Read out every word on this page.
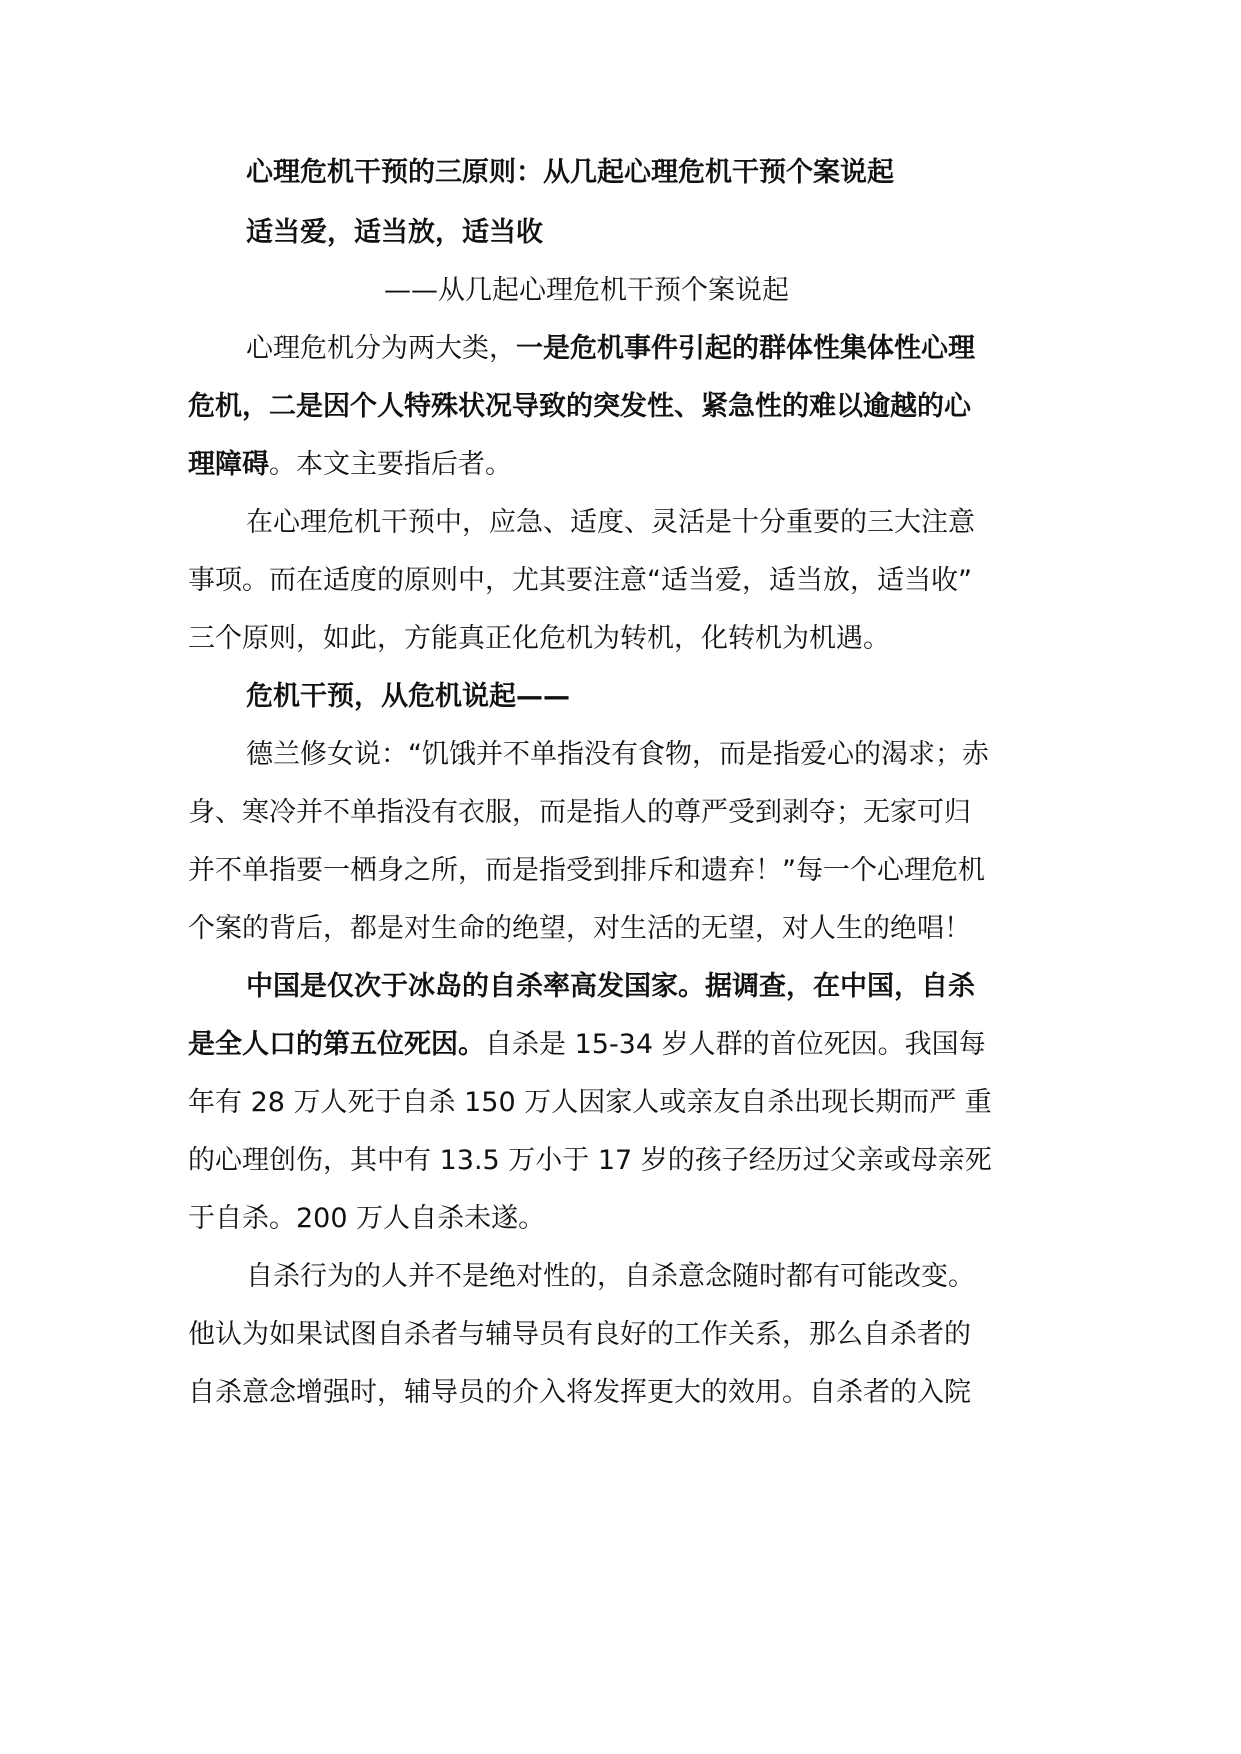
心理危机干预的三原则：从几起心理危机干预个案说起
适当爱，适当放，适当收
——从几起心理危机干预个案说起
心理危机分为两大类，一是危机事件引起的群体性集体性心理
危机，二是因个人特殊状况导致的突发性、紧急性的难以逾越的心
理障碍。本文主要指后者。
在心理危机干预中，应急、适度、灵活是十分重要的三大注意
事项。而在适度的原则中，尤其要注意“适当爱，适当放，适当收”
三个原则，如此，方能真正化危机为转机，化转机为机遇。
危机干预，从危机说起——
德兰修女说：“饥饿并不单指没有食物，而是指爱心的渴求；赤
身、寒冷并不单指没有衣服，而是指人的尊严受到剥夺；无家可归
并不单指要一栖身之所，而是指受到排斥和遗弃！”每一个心理危机
个案的背后，都是对生命的绝望，对生活的无望，对人生的绝唱！
中国是仅次于冰岛的自杀率高发国家。据调查，在中国，自杀
是全人口的第五位死因。自杀是 15-34 岁人群的首位死因。我国每
年有 28 万人死于自杀 150 万人因家人或亲友自杀出现长期而严 重
的心理创伤，其中有 13.5 万小于 17 岁的孩子经历过父亲或母亲死
于自杀。200 万人自杀未遂。
自杀行为的人并不是绝对性的，自杀意念随时都有可能改变。
他认为如果试图自杀者与辅导员有良好的工作关系，那么自杀者的
自杀意念增强时，辅导员的介入将发挥更大的效用。自杀者的入院
